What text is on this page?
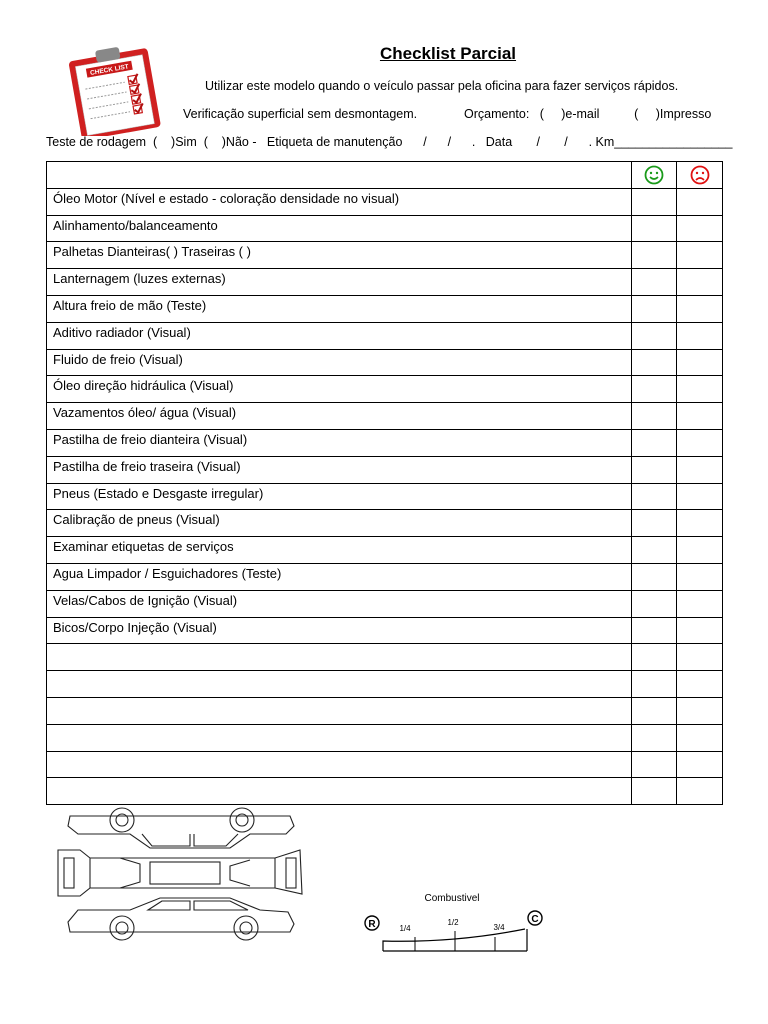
CHECK LIST
Checklist Parcial
Utilizar este modelo quando o veículo passar pela oficina para fazer serviços rápidos.
Verificação superficial sem desmontagem.	Orçamento:   (     )e-mail          (     )Impresso
Teste de rodagem  (    )Sim  (    )Não -   Etiqueta de manutenção      /      /      .   Data       /       /      . Km_________________

Óleo Motor (Nível e estado - coloração densidade no visual)		
Alinhamento/balanceamento		
Palhetas Dianteiras( ) Traseiras ( )		
Lanternagem (luzes externas)		
Altura freio de mão (Teste)		
Aditivo radiador (Visual)		
Fluido de freio (Visual)		
Óleo direção hidráulica (Visual)		
Vazamentos óleo/ água (Visual)		
Pastilha de freio dianteira (Visual)		
Pastilha de freio traseira (Visual)		
Pneus (Estado e Desgaste irregular)		
Calibração de pneus (Visual)		
Examinar etiquetas de serviços		
Agua Limpador / Esguichadores (Teste)		
Velas/Cabos de Ignição (Visual)		
Bicos/Corpo Injeção (Visual)		

Combustivel
R	C
1/4
1/2
3/4
